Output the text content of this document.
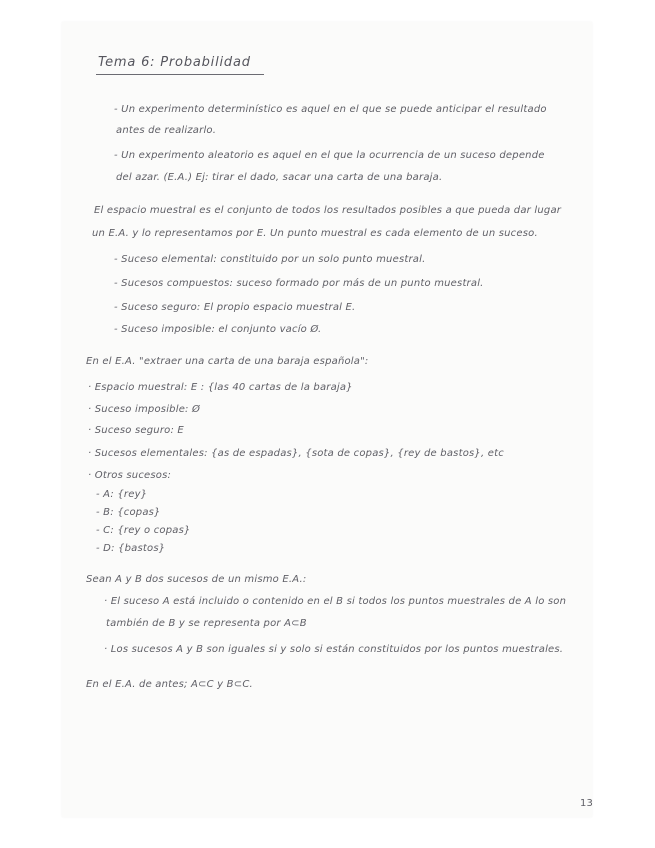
Tema 6: Probabilidad
- Un experimento determinístico es aquel en el que se puede anticipar el resultado
antes de realizarlo.
- Un experimento aleatorio es aquel en el que la ocurrencia de un suceso depende
del azar. (E.A.) Ej: tirar el dado, sacar una carta de una baraja.
El espacio muestral es el conjunto de todos los resultados posibles a que pueda dar lugar
un E.A. y lo representamos por E. Un punto muestral es cada elemento de un suceso.
- Suceso elemental: constituido por un solo punto muestral.
- Sucesos compuestos: suceso formado por más de un punto muestral.
- Suceso seguro: El propio espacio muestral E.
- Suceso imposible: el conjunto vacío Ø.
En el E.A. "extraer una carta de una baraja española":
· Espacio muestral: E : {las 40 cartas de la baraja}
· Suceso imposible: Ø
· Suceso seguro: E
· Sucesos elementales: {as de espadas}, {sota de copas}, {rey de bastos}, etc
· Otros sucesos:
- A: {rey}
- B: {copas}
- C: {rey o copas}
- D: {bastos}
Sean A y B dos sucesos de un mismo E.A.:
· El suceso A está incluido o contenido en el B si todos los puntos muestrales de A lo son
también de B y se representa por A⊂B
· Los sucesos A y B son iguales si y solo si están constituidos por los puntos muestrales.
En el E.A. de antes; A⊂C y B⊂C.
13
